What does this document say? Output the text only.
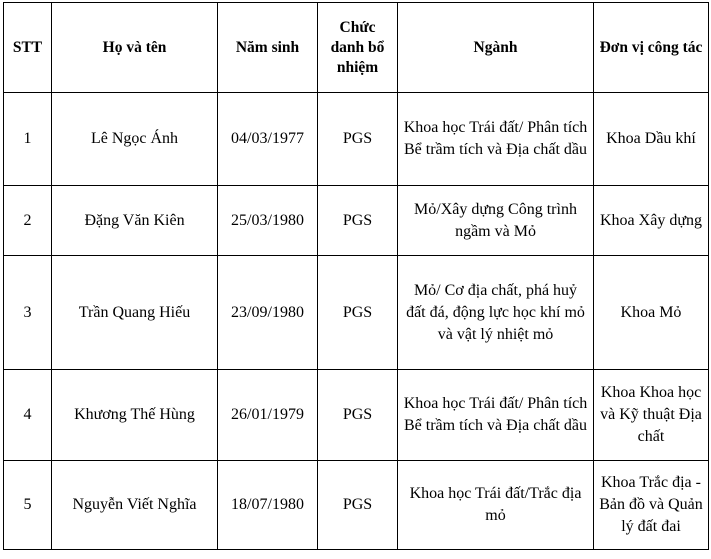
STT	Họ và tên	Năm sinh	Chức danh bổ nhiệm	Ngành	Đơn vị công tác
1	Lê Ngọc Ánh	04/03/1977	PGS	Khoa học Trái đất/ Phân tích Bể trầm tích và Địa chất dầu	Khoa Dầu khí
2	Đặng Văn Kiên	25/03/1980	PGS	Mỏ/Xây dựng Công trình ngầm và Mỏ	Khoa Xây dựng
3	Trần Quang Hiếu	23/09/1980	PGS	Mỏ/ Cơ địa chất, phá huỷ đất đá, động lực học khí mỏ và vật lý nhiệt mỏ	Khoa Mỏ
4	Khương Thế Hùng	26/01/1979	PGS	Khoa học Trái đất/ Phân tích Bể trầm tích và Địa chất dầu	Khoa Khoa học và Kỹ thuật Địa chất
5	Nguyễn Viết Nghĩa	18/07/1980	PGS	Khoa học Trái đất/Trắc địa mỏ	Khoa Trắc địa - Bản đồ và Quản lý đất đai
